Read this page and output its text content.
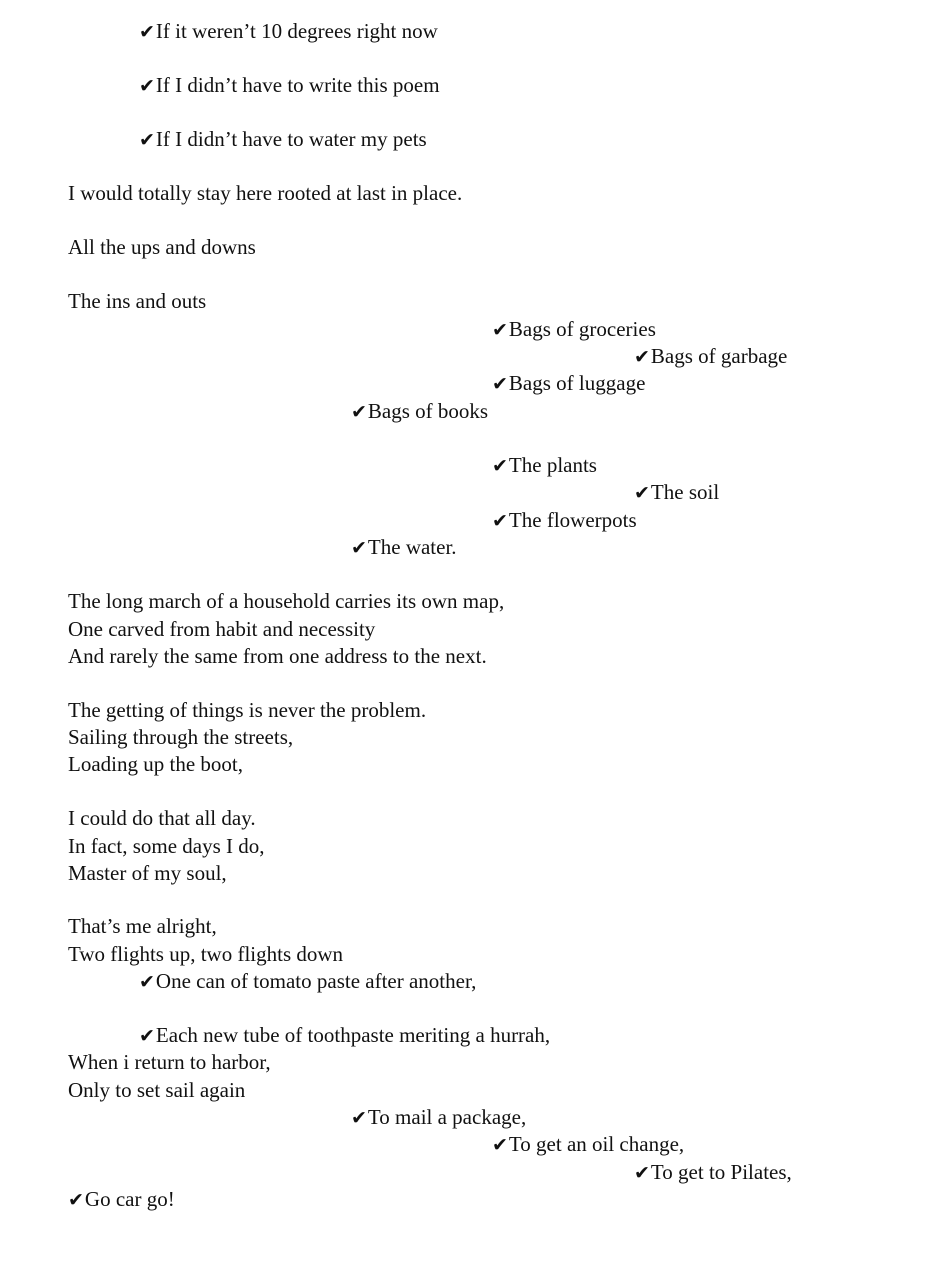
✔If it weren’t 10 degrees right now
✔If I didn’t have to write this poem
✔If I didn’t have to water my pets
I would totally stay here rooted at last in place.
All the ups and downs
The ins and outs
✔Bags of groceries
✔Bags of garbage
✔Bags of luggage
✔Bags of books
✔The plants
✔The soil
✔The flowerpots
✔The water.
The long march of a household carries its own map,
One carved from habit and necessity
And rarely the same from one address to the next.
The getting of things is never the problem.
Sailing through the streets,
Loading up the boot,
I could do that all day.
In fact, some days I do,
Master of my soul,
That’s me alright,
Two flights up, two flights down
✔One can of tomato paste after another,
✔Each new tube of toothpaste meriting a hurrah,
When i return to harbor,
Only to set sail again
✔To mail a package,
✔To get an oil change,
✔To get to Pilates,
✔Go car go!
